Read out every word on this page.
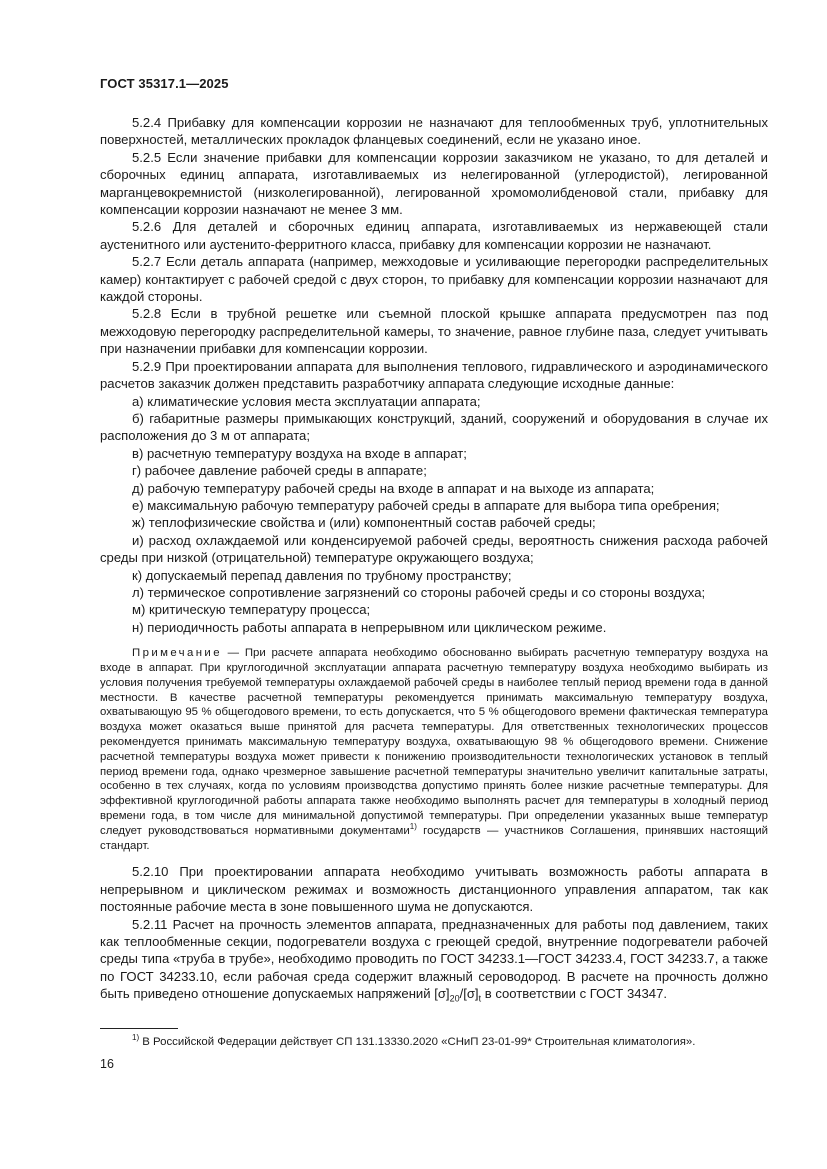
ГОСТ 35317.1—2025

5.2.4 Прибавку для компенсации коррозии не назначают для теплообменных труб, уплотнительных поверхностей, металлических прокладок фланцевых соединений, если не указано иное.

5.2.5 Если значение прибавки для компенсации коррозии заказчиком не указано, то для деталей и сборочных единиц аппарата, изготавливаемых из нелегированной (углеродистой), легированной марганцевокремнистой (низколегированной), легированной хромомолибденовой стали, прибавку для компенсации коррозии назначают не менее 3 мм.

5.2.6 Для деталей и сборочных единиц аппарата, изготавливаемых из нержавеющей стали аустенитного или аустенито-ферритного класса, прибавку для компенсации коррозии не назначают.

5.2.7 Если деталь аппарата (например, межходовые и усиливающие перегородки распределительных камер) контактирует с рабочей средой с двух сторон, то прибавку для компенсации коррозии назначают для каждой стороны.

5.2.8 Если в трубной решетке или съемной плоской крышке аппарата предусмотрен паз под межходовую перегородку распределительной камеры, то значение, равное глубине паза, следует учитывать при назначении прибавки для компенсации коррозии.

5.2.9 При проектировании аппарата для выполнения теплового, гидравлического и аэродинамического расчетов заказчик должен представить разработчику аппарата следующие исходные данные:

а) климатические условия места эксплуатации аппарата;

б) габаритные размеры примыкающих конструкций, зданий, сооружений и оборудования в случае их расположения до 3 м от аппарата;

в) расчетную температуру воздуха на входе в аппарат;

г) рабочее давление рабочей среды в аппарате;

д) рабочую температуру рабочей среды на входе в аппарат и на выходе из аппарата;

е) максимальную рабочую температуру рабочей среды в аппарате для выбора типа оребрения;

ж) теплофизические свойства и (или) компонентный состав рабочей среды;

и) расход охлаждаемой или конденсируемой рабочей среды, вероятность снижения расхода рабочей среды при низкой (отрицательной) температуре окружающего воздуха;

к) допускаемый перепад давления по трубному пространству;

л) термическое сопротивление загрязнений со стороны рабочей среды и со стороны воздуха;

м) критическую температуру процесса;

н) периодичность работы аппарата в непрерывном или циклическом режиме.

Примечание — При расчете аппарата необходимо обоснованно выбирать расчетную температуру воздуха на входе в аппарат. При круглогодичной эксплуатации аппарата расчетную температуру воздуха необходимо выбирать из условия получения требуемой температуры охлаждаемой рабочей среды в наиболее теплый период времени года в данной местности. В качестве расчетной температуры рекомендуется принимать максимальную температуру воздуха, охватывающую 95 % общегодового времени, то есть допускается, что 5 % общегодового времени фактическая температура воздуха может оказаться выше принятой для расчета температуры. Для ответственных технологических процессов рекомендуется принимать максимальную температуру воздуха, охватывающую 98 % общегодового времени. Снижение расчетной температуры воздуха может привести к понижению производительности технологических установок в теплый период времени года, однако чрезмерное завышение расчетной температуры значительно увеличит капитальные затраты, особенно в тех случаях, когда по условиям производства допустимо принять более низкие расчетные температуры. Для эффективной круглогодичной работы аппарата также необходимо выполнять расчет для температуры в холодный период времени года, в том числе для минимальной допустимой температуры. При определении указанных выше температур следует руководствоваться нормативными документами$^{1)}$ государств — участников Соглашения, принявших настоящий стандарт.

5.2.10 При проектировании аппарата необходимо учитывать возможность работы аппарата в непрерывном и циклическом режимах и возможность дистанционного управления аппаратом, так как постоянные рабочие места в зоне повышенного шума не допускаются.

5.2.11 Расчет на прочность элементов аппарата, предназначенных для работы под давлением, таких как теплообменные секции, подогреватели воздуха с греющей средой, внутренние подогреватели рабочей среды типа «труба в трубе», необходимо проводить по ГОСТ 34233.1—ГОСТ 34233.4, ГОСТ 34233.7, а также по ГОСТ 34233.10, если рабочая среда содержит влажный сероводород. В расчете на прочность должно быть приведено отношение допускаемых напряжений $[\sigma]_{20}/[\sigma]_t$ в соответствии с ГОСТ 34347.

$^{1)}$ В Российской Федерации действует СП 131.13330.2020 «СНиП 23-01-99* Строительная климатология».
16
